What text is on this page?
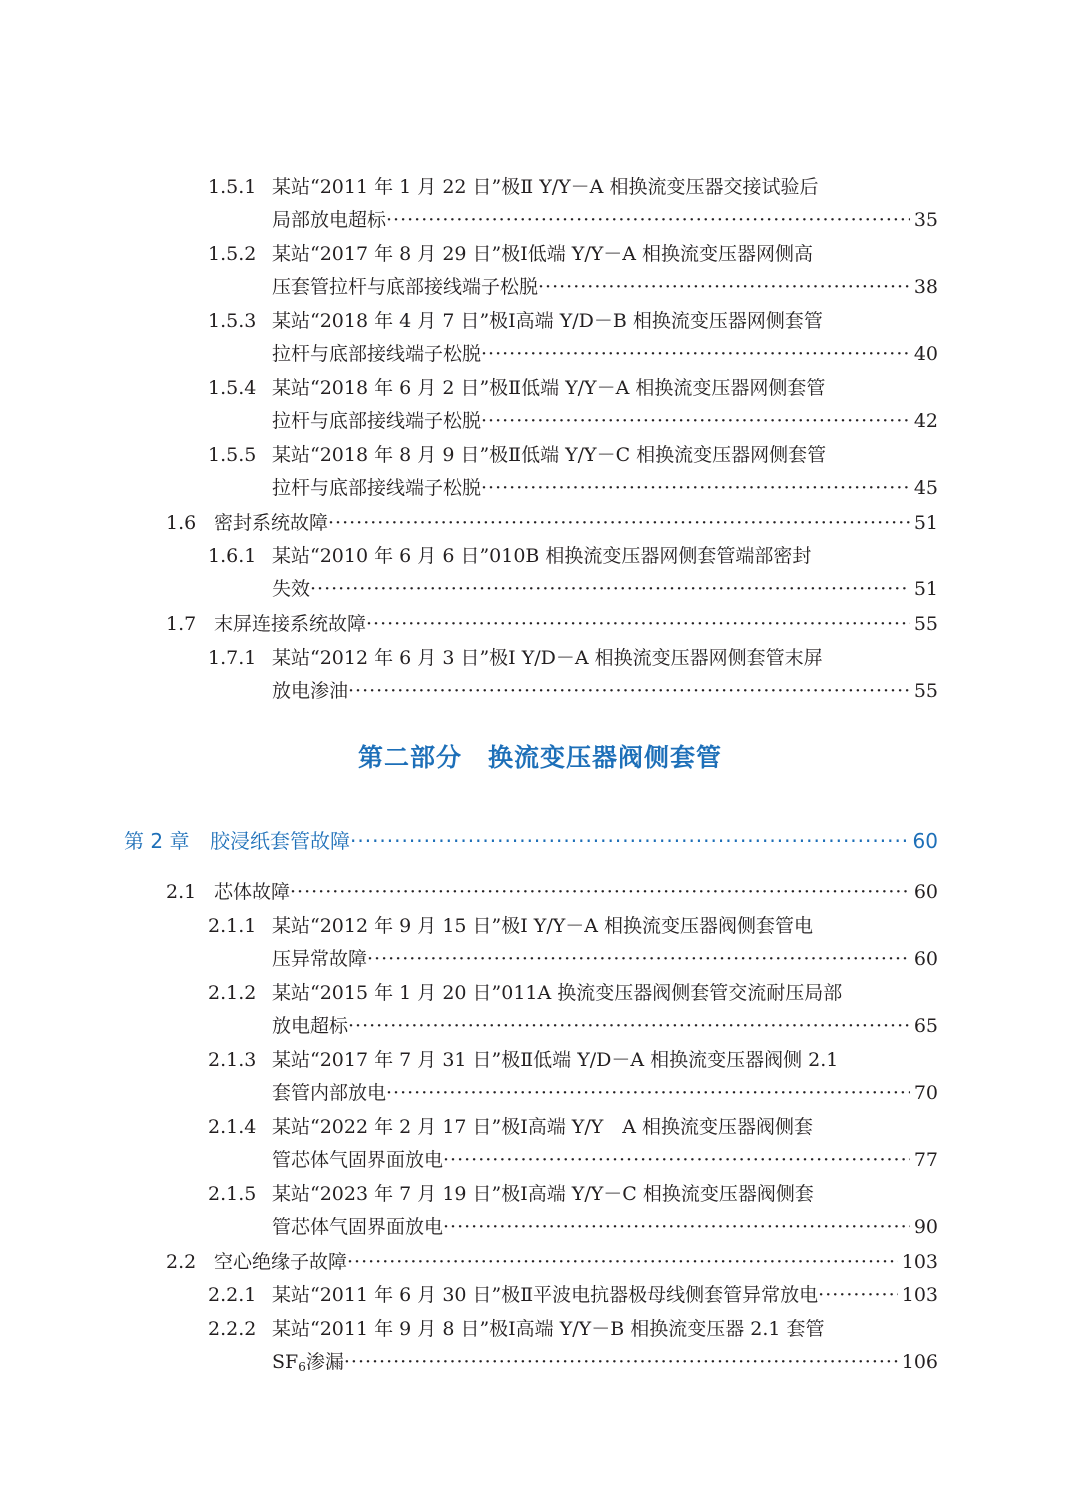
1.5.1 某站“2011 年 1 月 22 日”极Ⅱ Y/Y－A 相换流变压器交接试验后
局部放电超标 ·····	35
1.5.2 某站“2017 年 8 月 29 日”极Ⅰ低端 Y/Y－A 相换流变压器网侧高
压套管拉杆与底部接线端子松脱 ·····	38
1.5.3 某站“2018 年 4 月 7 日”极Ⅰ高端 Y/D－B 相换流变压器网侧套管
拉杆与底部接线端子松脱 ·····	40
1.5.4 某站“2018 年 6 月 2 日”极Ⅱ低端 Y/Y－A 相换流变压器网侧套管
拉杆与底部接线端子松脱 ·····	42
1.5.5 某站“2018 年 8 月 9 日”极Ⅱ低端 Y/Y－C 相换流变压器网侧套管
拉杆与底部接线端子松脱 ·····	45
1.6 密封系统故障 ·····	51
1.6.1 某站“2010 年 6 月 6 日”010B 相换流变压器网侧套管端部密封
失效 ·····	51
1.7 末屏连接系统故障 ·····	55
1.7.1 某站“2012 年 6 月 3 日”极Ⅰ Y/D－A 相换流变压器网侧套管末屏
放电渗油 ·····	55
第二部分　换流变压器阀侧套管
第 2 章 胶浸纸套管故障 ·····	60
2.1 芯体故障 ·····	60
2.1.1 某站“2012 年 9 月 15 日”极Ⅰ Y/Y－A 相换流变压器阀侧套管电
压异常故障 ·····	60
2.1.2 某站“2015 年 1 月 20 日”011A 换流变压器阀侧套管交流耐压局部
放电超标 ·····	65
2.1.3 某站“2017 年 7 月 31 日”极Ⅱ低端 Y/D－A 相换流变压器阀侧 2.1
套管内部放电 ·····	70
2.1.4 某站“2022 年 2 月 17 日”极Ⅰ高端 Y/Y　A 相换流变压器阀侧套
管芯体气固界面放电 ·····	77
2.1.5 某站“2023 年 7 月 19 日”极Ⅰ高端 Y/Y－C 相换流变压器阀侧套
管芯体气固界面放电 ·····	90
2.2 空心绝缘子故障 ·····	103
2.2.1 某站“2011 年 6 月 30 日”极Ⅱ平波电抗器极母线侧套管异常放电 ·····	103
2.2.2 某站“2011 年 9 月 8 日”极Ⅰ高端 Y/Y－B 相换流变压器 2.1 套管
SF6渗漏 ·····	106
